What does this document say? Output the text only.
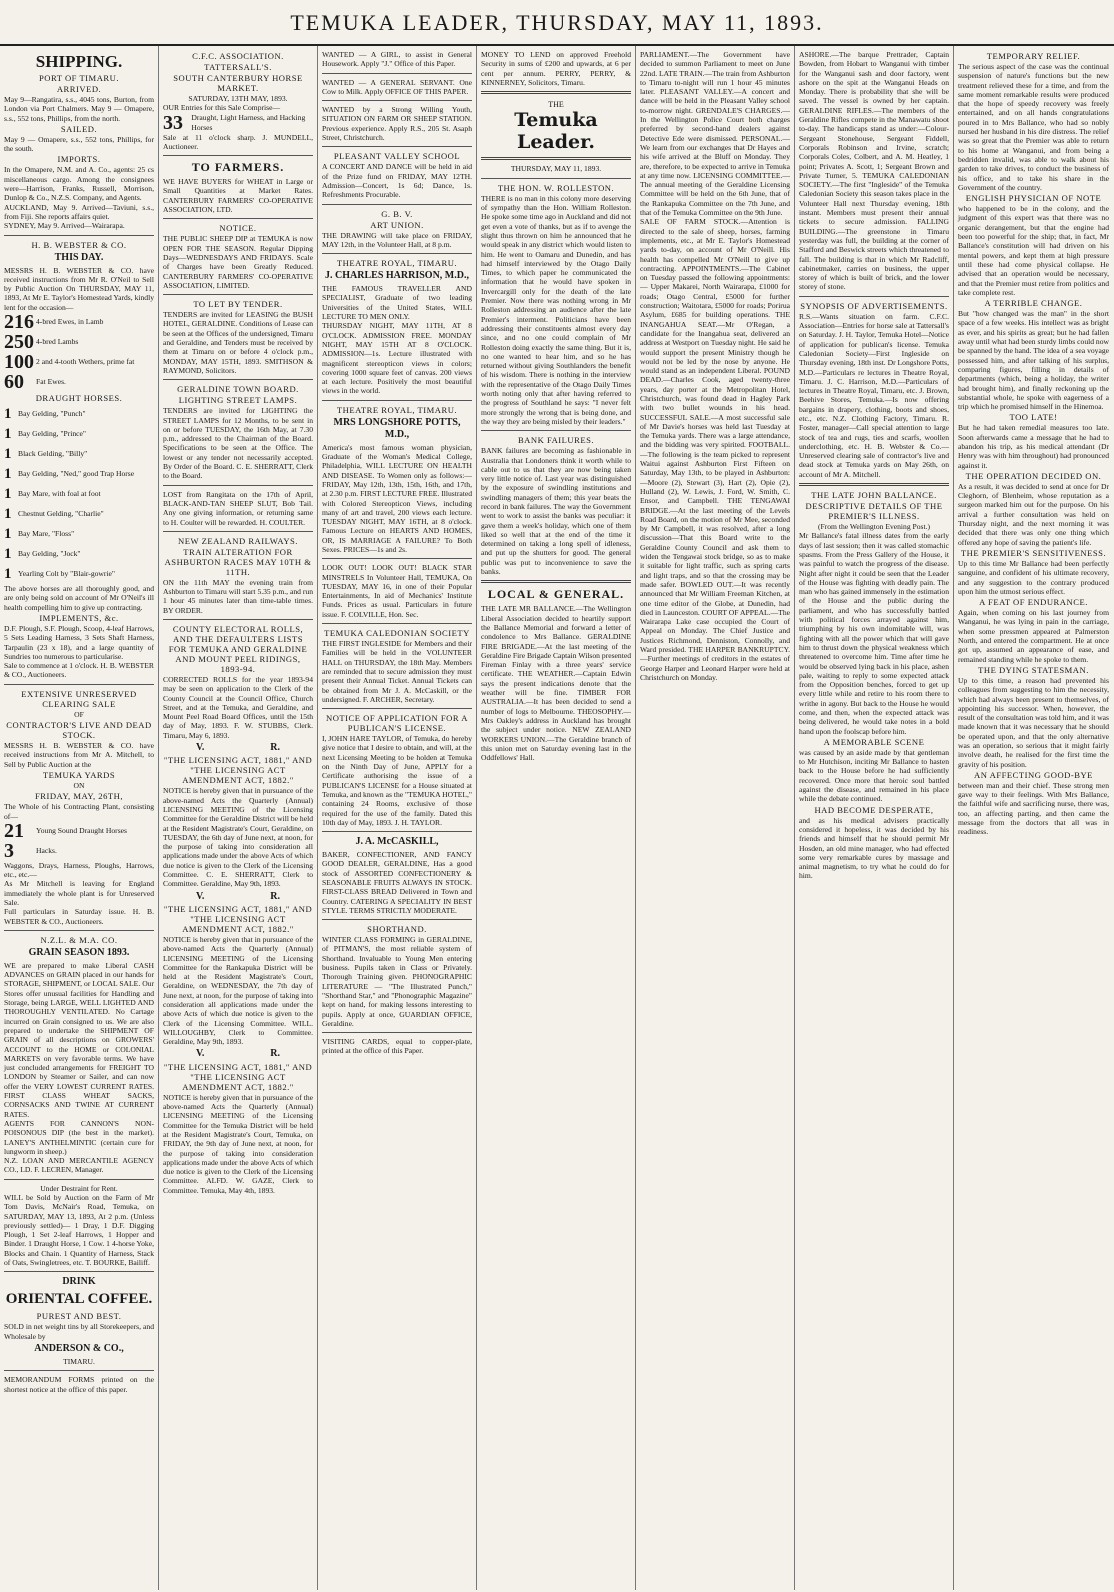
TEMUKA LEADER, THURSDAY, MAY 11, 1893.
SHIPPING.
PORT OF TIMARU.
ARRIVED.

May 9—Rangatira, s.s., 4045 tons, Burton, from London via Port Chalmers. May 9 — Omapere, s.s., 552 tons, Phillips, from the north.

SAILED.

May 9 — Omapere, s.s., 552 tons, Phillips, for the south.

IMPORTS.

In the Omapere, N.M. and A. Co., agents: 25 cs miscellaneous cargo. Among the consignees were—Harrison, Franks, Russell, Morrison, Dunlop & Co., N.Z.S. Company, and Agents.

AUCKLAND, May 9. Arrived—Taviuni, s.s., from Fiji. She reports affairs quiet.

SYDNEY, May 9. Arrived—Wairarapa.

H. B. WEBSTER & CO.
THIS DAY.

MESSRS H. B. WEBSTER & CO. have received instructions from Mr R. O'Neil to Sell by Public Auction On THURSDAY, MAY 11, 1893, At Mr E. Taylor's Homestead Yards, kindly lent for the occasion—

216 4-bred Ewes, in Lamb
250 4-bred Lambs
100 2 and 4-tooth Wethers, prime fat
60	Fat Ewes.
DRAUGHT HORSES.
1 Bay Gelding, "Punch"
1 Bay Gelding, "Prince"
1 Black Gelding, "Billy"
1 Bay Gelding, "Ned," good Trap Horse
1 Bay Mare, with foal at foot
1 Chestnut Gelding, "Charlie"
1 Bay Mare, "Floss"
1 Bay Gelding, "Jock"
1 Yearling Colt by "Blair-gowrie"

The above horses are all thoroughly good, and are only being sold on account of Mr O'Neil's ill health compelling him to give up contracting.

IMPLEMENTS, &c.

D.F. Plough, S.F. Plough, Scoop, 4-leaf Harrows, 5 Sets Leading Harness, 3 Sets Shaft Harness, Tarpaulin (23 x 18), and a large quantity of Sundries too numerous to particularise.

Sale to commence at 1 o'clock. H. B. WEBSTER & CO., Auctioneers.

EXTENSIVE UNRESERVED CLEARING SALE
OF
CONTRACTOR'S LIVE AND DEAD STOCK.

MESSRS H. B. WEBSTER & CO. have received instructions from Mr A. Mitchell, to Sell by Public Auction at the

TEMUKA YARDS
ON
FRIDAY, MAY, 26TH,

The Whole of his Contracting Plant, consisting of—

21	Young Sound Draught Horses
3	Hacks.

Waggons, Drays, Harness, Ploughs, Harrows, etc., etc.—

As Mr Mitchell is leaving for England immediately the whole plant is for Unreserved Sale.

Full particulars in Saturday issue. H. B. WEBSTER & CO., Auctioneers.

N.Z.L. & M.A. CO.
GRAIN SEASON 1893.

WE are prepared to make Liberal CASH ADVANCES on GRAIN placed in our hands for STORAGE, SHIPMENT, or LOCAL SALE. Our Stores offer unusual facilities for Handling and Storage, being LARGE, WELL LIGHTED AND THOROUGHLY VENTILATED. No Cartage incurred on Grain consigned to us. We are also prepared to undertake the SHIPMENT OF GRAIN of all descriptions on GROWERS' ACCOUNT to the HOME or COLONIAL MARKETS on very favorable terms. We have just concluded arrangements for FREIGHT TO LONDON by Steamer or Sailer, and can now offer the VERY LOWEST CURRENT RATES. FIRST CLASS WHEAT SACKS, CORNSACKS AND TWINE AT CURRENT RATES.

AGENTS FOR CANNON'S NON-POISONOUS DIP (the best in the market). LANEY'S ANTHELMINTIC (certain cure for lungworm in sheep.)

N.Z. LOAN AND MERCANTILE AGENCY CO., LD. F. LECREN, Manager.

Under Destraint for Rent.

WILL be Sold by Auction on the Farm of Mr Tom Davis, McNair's Road, Temuka, on SATURDAY, MAY 13, 1893, At 2 p.m. (Unless previously settled)— 1 Dray, 1 D.F. Digging Plough, 1 Set 2-leaf Harrows, 1 Hopper and Binder. 1 Draught Horse, 1 Cow. 1 4-horse Yoke, Blocks and Chain. 1 Quantity of Harness, Stack of Oats, Swingletrees, etc. T. BOURKE, Bailiff.

DRINK
ORIENTAL COFFEE.
PUREST AND BEST.

SOLD in net weight tins by all Storekeepers, and Wholesale by

ANDERSON & CO.,
TIMARU.

MEMORANDUM FORMS printed on the shortest notice at the office of this paper.

C.F.C. ASSOCIATION.
TATTERSALL'S.
SOUTH CANTERBURY HORSE MARKET.
SATURDAY, 13TH MAY, 1893.

OUR Entries for this Sale Comprise—

33	Draught, Light Harness, and Hacking Horses

Sale at 11 o'clock sharp. J. MUNDELL, Auctioneer.

TO FARMERS.

WE HAVE BUYERS for WHEAT in Large or Small Quantities at Market Rates. CANTERBURY FARMERS' CO-OPERATIVE ASSOCIATION, LTD.

NOTICE.

THE PUBLIC SHEEP DIP at TEMUKA is now OPEN FOR THE SEASON. Regular Dipping Days—WEDNESDAYS AND FRIDAYS. Scale of Charges have been Greatly Reduced. CANTERBURY FARMERS' CO-OPERATIVE ASSOCIATION, LIMITED.

TO LET BY TENDER.

TENDERS are invited for LEASING the BUSH HOTEL, GERALDINE. Conditions of Lease can be seen at the Offices of the undersigned, Timaru and Geraldine, and Tenders must be received by them at Timaru on or before 4 o'clock p.m., MONDAY, MAY 15TH, 1893. SMITHSON & RAYMOND, Solicitors.

GERALDINE TOWN BOARD.
LIGHTING STREET LAMPS.

TENDERS are invited for LIGHTING the STREET LAMPS for 12 Months, to be sent in on or before TUESDAY, the 16th May, at 7.30 p.m., addressed to the Chairman of the Board. Specifications to be seen at the Office. The lowest or any tender not necessarily accepted. By Order of the Board. C. E. SHERRATT, Clerk to the Board.

LOST from Rangitata on the 17th of April, BLACK-AND-TAN SHEEP SLUT, Bob Tail. Any one giving information, or returning same to H. Coulter will be rewarded. H. COULTER.

NEW ZEALAND RAILWAYS.
TRAIN ALTERATION FOR ASHBURTON RACES MAY 10TH & 11TH.

ON the 11th MAY the evening train from Ashburton to Timaru will start 5.35 p.m., and run 1 hour 45 minutes later than time-table times. BY ORDER.

COUNTY ELECTORAL ROLLS, AND THE DEFAULTERS LISTS FOR TEMUKA AND GERALDINE AND MOUNT PEEL RIDINGS, 1893-94.

CORRECTED ROLLS for the year 1893-94 may be seen on application to the Clerk of the County Council at the Council Office, Church Street, and at the Temuka, and Geraldine, and Mount Peel Road Board Offices, until the 15th day of May, 1893. F. W. STUBBS, Clerk. Timaru, May 6, 1893.

V.	R.
"THE LICENSING ACT, 1881," AND "THE LICENSING ACT AMENDMENT ACT, 1882."

NOTICE is hereby given that in pursuance of the above-named Acts the Quarterly (Annual) LICENSING MEETING of the Licensing Committee for the Geraldine District will be held at the Resident Magistrate's Court, Geraldine, on TUESDAY, the 6th day of June next, at noon, for the purpose of taking into consideration all applications made under the above Acts of which due notice is given to the Clerk of the Licensing Committee. C. E. SHERRATT, Clerk to Committee. Geraldine, May 9th, 1893.

V.	R.
"THE LICENSING ACT, 1881," AND "THE LICENSING ACT AMENDMENT ACT, 1882."

NOTICE is hereby given that in pursuance of the above-named Acts the Quarterly (Annual) LICENSING MEETING of the Licensing Committee for the Rankapuka District will be held at the Resident Magistrate's Court, Geraldine, on WEDNESDAY, the 7th day of June next, at noon, for the purpose of taking into consideration all applications made under the above Acts of which due notice is given to the Clerk of the Licensing Committee. WILL. WILLOUGHBY, Clerk to Committee. Geraldine, May 9th, 1893.

V.	R.
"THE LICENSING ACT, 1881," AND "THE LICENSING ACT AMENDMENT ACT, 1882."

NOTICE is hereby given that in pursuance of the above-named Acts the Quarterly (Annual) LICENSING MEETING of the Licensing Committee for the Temuka District will be held at the Resident Magistrate's Court, Temuka, on FRIDAY, the 9th day of June next, at noon, for the purpose of taking into consideration applications made under the above Acts of which due notice is given to the Clerk of the Licensing Committee. ALFD. W. GAZE, Clerk to Committee. Temuka, May 4th, 1893.

WANTED — A GIRL, to assist in General Housework. Apply "J." Office of this Paper.

WANTED — A GENERAL SERVANT. One Cow to Milk. Apply OFFICE OF THIS PAPER.

WANTED by a Strong Willing Youth, SITUATION ON FARM OR SHEEP STATION. Previous experience. Apply R.S., 205 St. Asaph Street, Christchurch.

PLEASANT VALLEY SCHOOL

A CONCERT AND DANCE will be held in aid of the Prize fund on FRIDAY, MAY 12TH. Admission—Concert, 1s 6d; Dance, 1s. Refreshments Procurable.

G. B. V.
ART UNION.

THE DRAWING will take place on FRIDAY, MAY 12th, in the Volunteer Hall, at 8 p.m.

THEATRE ROYAL, TIMARU.
J. CHARLES HARRISON, M.D.,

THE FAMOUS TRAVELLER AND SPECIALIST, Graduate of two leading Universities of the United States, WILL LECTURE TO MEN ONLY.

THURSDAY NIGHT, MAY 11TH, AT 8 O'CLOCK. ADMISSION FREE. MONDAY NIGHT, MAY 15TH AT 8 O'CLOCK. ADMISSION—1s. Lecture illustrated with magnificent stereopticon views in colors; covering 1000 square feet of canvas. 200 views at each lecture. Positively the most beautiful views in the world.

THEATRE ROYAL, TIMARU.
MRS LONGSHORE POTTS, M.D.,

America's most famous woman physician, Graduate of the Woman's Medical College, Philadelphia, WILL LECTURE ON HEALTH AND DISEASE. To Women only as follows:— FRIDAY, May 12th, 13th, 15th, 16th, and 17th, at 2.30 p.m. FIRST LECTURE FREE. Illustrated with Colored Stereopticon Views, including many of art and travel, 200 views each lecture. TUESDAY NIGHT, MAY 16TH, at 8 o'clock. Famous Lecture on HEARTS AND HOMES, OR, IS MARRIAGE A FAILURE? To Both Sexes. PRICES—1s and 2s.

LOOK OUT! LOOK OUT! BLACK STAR MINSTRELS In Volunteer Hall, TEMUKA, On TUESDAY, MAY 16, in one of their Popular Entertainments, In aid of Mechanics' Institute Funds. Prices as usual. Particulars in future issue. F. COLVILLE, Hon. Sec.

TEMUKA CALEDONIAN SOCIETY

THE FIRST INGLESIDE for Members and their Families will be held in the VOLUNTEER HALL on THURSDAY, the 18th May. Members are reminded that to secure admission they must present their Annual Ticket. Annual Tickets can be obtained from Mr J. A. McCaskill, or the undersigned. F. ARCHER, Secretary.

NOTICE OF APPLICATION FOR A PUBLICAN'S LICENSE.

I, JOHN HARE TAYLOR, of Temuka, do hereby give notice that I desire to obtain, and will, at the next Licensing Meeting to be holden at Temuka on the Ninth Day of June, APPLY for a Certificate authorising the issue of a PUBLICAN'S LICENSE for a House situated at Temuka, and known as the "TEMUKA HOTEL," containing 24 Rooms, exclusive of those required for the use of the family. Dated this 10th day of May, 1893. J. H. TAYLOR.

J. A. McCASKILL,

BAKER, CONFECTIONER, AND FANCY GOOD DEALER, GERALDINE, Has a good stock of ASSORTED CONFECTIONERY & SEASONABLE FRUITS ALWAYS IN STOCK. FIRST-CLASS BREAD Delivered in Town and Country. CATERING A SPECIALITY IN BEST STYLE. TERMS STRICTLY MODERATE.

SHORTHAND.

WINTER CLASS FORMING in GERALDINE, of PITMAN'S, the most reliable system of Shorthand. Invaluable to Young Men entering business. Pupils taken in Class or Privately. Thorough Training given. PHONOGRAPHIC LITERATURE — "The Illustrated Punch," "Shorthand Star," and "Phonographic Magazine" kept on hand, for making lessons interesting to pupils. Apply at once, GUARDIAN OFFICE, Geraldine.

VISITING CARDS, equal to copper-plate, printed at the office of this Paper.

MONEY TO LEND on approved Freehold Security in sums of £200 and upwards, at 6 per cent per annum. PERRY, PERRY, & KINNERNEY, Solicitors, Timaru.

THE
Temuka Leader.
THURSDAY, MAY 11, 1893.
THE HON. W. ROLLESTON.

THERE is no man in this colony more deserving of sympathy than the Hon. William Rolleston. He spoke some time ago in Auckland and did not get even a vote of thanks, but as if to avenge the slight thus thrown on him he announced that he would speak in any district which would listen to him. He went to Oamaru and Dunedin, and has had himself interviewed by the Otago Daily Times, to which paper he communicated the information that he would have spoken in Invercargill only for the death of the late Premier. Now there was nothing wrong in Mr Rolleston addressing an audience after the late Premier's interment. Politicians have been addressing their constituents almost every day since, and no one could complain of Mr Rolleston doing exactly the same thing. But it is, no one wanted to hear him, and so he has returned without giving Southlanders the benefit of his wisdom. There is nothing in the interview with the representative of the Otago Daily Times worth noting only that after having referred to the progress of Southland he says: "I never felt more strongly the wrong that is being done, and the way they are being misled by their leaders."

BANK FAILURES.

BANK failures are becoming as fashionable in Australia that Londoners think it worth while to cable out to us that they are now being taken very little notice of. Last year was distinguished by the exposure of swindling institutions and swindling managers of them; this year beats the record in bank failures. The way the Government went to work to assist the banks was peculiar: it gave them a week's holiday, which one of them liked so well that at the end of the time it determined on taking a long spell of idleness, and put up the shutters for good. The general public was put to inconvenience to save the banks.

LOCAL & GENERAL.

THE LATE MR BALLANCE.—The Wellington Liberal Association decided to heartily support the Ballance Memorial and forward a letter of condolence to Mrs Ballance. GERALDINE FIRE BRIGADE.—At the last meeting of the Geraldine Fire Brigade Captain Wilson presented Fireman Finlay with a three years' service certificate. THE WEATHER.—Captain Edwin says the present indications denote that the weather will be fine. TIMBER FOR AUSTRALIA.—It has been decided to send a number of logs to Melbourne. THEOSOPHY.—Mrs Oakley's address in Auckland has brought the subject under notice. NEW ZEALAND WORKERS UNION.—The Geraldine branch of this union met on Saturday evening last in the Oddfellows' Hall.

PARLIAMENT.—The Government have decided to summon Parliament to meet on June 22nd. LATE TRAIN.—The train from Ashburton to Timaru to-night will run 1 hour 45 minutes later. PLEASANT VALLEY.—A concert and dance will be held in the Pleasant Valley school to-morrow night. GRENDALE'S CHARGES.—In the Wellington Police Court both charges preferred by second-hand dealers against Detective Ede were dismissed. PERSONAL.—We learn from our exchanges that Dr Hayes and his wife arrived at the Bluff on Monday. They are, therefore, to be expected to arrive in Temuka at any time now. LICENSING COMMITTEE.—The annual meeting of the Geraldine Licensing Committee will be held on the 6th June, that of the Rankapuka Committee on the 7th June, and that of the Temuka Committee on the 9th June.

SALE OF FARM STOCK.—Attention is directed to the sale of sheep, horses, farming implements, etc., at Mr E. Taylor's Homestead yards to-day, on account of Mr O'Neill. His health has compelled Mr O'Neill to give up contracting. APPOINTMENTS.—The Cabinet on Tuesday passed the following appointments:— Upper Makarei, North Wairarapa, £1000 for roads; Otago Central, £5000 for further construction; Waitotara, £5000 for roads; Porirua Asylum, £685 for building operations. THE INANGAHUA SEAT.—Mr O'Regan, a candidate for the Inangahua seat, delivered an address at Westport on Tuesday night. He said he would support the present Ministry though he would not be led by the nose by anyone. He would stand as an independent Liberal. POUND DEAD.—Charles Cook, aged twenty-three years, day porter at the Metropolitan Hotel, Christchurch, was found dead in Hagley Park with two bullet wounds in his head. SUCCESSFUL SALE.—A most successful sale of Mr Davie's horses was held last Tuesday at the Temuka yards. There was a large attendance, and the bidding was very spirited. FOOTBALL.—The following is the team picked to represent Waitui against Ashburton First Fifteen on Saturday, May 13th, to be played in Ashburton:—Moore (2), Stewart (3), Hart (2), Opie (2), Hulland (2), W. Lewis, J. Ford, W. Smith, C. Ensor, and Campbell. THE TENGAWAI BRIDGE.—At the last meeting of the Levels Road Board, on the motion of Mr Mee, seconded by Mr Campbell, it was resolved, after a long discussion—That this Board write to the Geraldine County Council and ask them to widen the Tengawai stock bridge, so as to make it suitable for light traffic, such as spring carts and light traps, and so that the crossing may be made safer. BOWLED OUT.—It was recently announced that Mr William Freeman Kitchen, at one time editor of the Globe, at Dunedin, had died in Launceston. COURT OF APPEAL.—The Wairarapa Lake case occupied the Court of Appeal on Monday. The Chief Justice and Justices Richmond, Denniston, Connolly, and Ward presided. THE HARPER BANKRUPTCY.—Further meetings of creditors in the estates of George Harper and Leonard Harper were held at Christchurch on Monday.

ASHORE.—The barque Prettrader, Captain Bowden, from Hobart to Wanganui with timber for the Wanganui sash and door factory, went ashore on the spit at the Wanganui Heads on Monday. There is probability that she will be saved. The vessel is owned by her captain. GERALDINE RIFLES.—The members of the Geraldine Rifles compete in the Manawatu shoot to-day. The handicaps stand as under:—Colour-Sergeant Stonehouse, Sergeant Fiddell, Corporals Robinson and Irvine, scratch; Corporals Coles, Colbert, and A. M. Heatley, 1 point; Privates A. Scott, 1; Sergeant Brown and Private Turner, 5. TEMUKA CALEDONIAN SOCIETY.—The first "Ingleside" of the Temuka Caledonian Society this season takes place in the Volunteer Hall next Thursday evening, 18th instant. Members must present their annual tickets to secure admission. FALLING BUILDING.—The greenstone in Timaru yesterday was full, the building at the corner of Stafford and Beswick streets which threatened to fall. The building is that in which Mr Radcliff, cabinetmaker, carries on business, the upper storey of which is built of brick, and the lower storey of stone.

SYNOPSIS OF ADVERTISEMENTS.

R.S.—Wants situation on farm. C.F.C. Association—Entries for horse sale at Tattersall's on Saturday. J. H. Taylor, Temuka Hotel—Notice of application for publican's license. Temuka Caledonian Society—First Ingleside on Thursday evening, 18th inst. Dr Longshore Potts, M.D.—Particulars re lectures in Theatre Royal, Timaru. J. C. Harrison, M.D.—Particulars of lectures in Theatre Royal, Timaru, etc. J. Brown, Beehive Stores, Temuka.—Is now offering bargains in drapery, clothing, boots and shoes, etc., etc. N.Z. Clothing Factory, Timaru. R. Foster, manager—Call special attention to large stock of tea and rugs, ties and scarfs, woollen underclothing, etc. H. B. Webster & Co.—Unreserved clearing sale of contractor's live and dead stock at Temuka yards on May 26th, on account of Mr A. Mitchell.

THE LATE JOHN BALLANCE.
DESCRIPTIVE DETAILS OF THE PREMIER'S ILLNESS.
(From the Wellington Evening Post.)

Mr Ballance's fatal illness dates from the early days of last session; then it was called stomachic spasms. From the Press Gallery of the House, it was painful to watch the progress of the disease. Night after night it could be seen that the Leader of the House was fighting with deadly pain. The man who has gained immensely in the estimation of the House and the public during the parliament, and who has successfully battled with political forces arrayed against him, triumphing by his own indomitable will, was fighting with all the power which that will gave him to thrust down the physical weakness which threatened to overcome him. Time after time he would be observed lying back in his place, ashen pale, waiting to reply to some expected attack from the Opposition benches, forced to get up every little while and retire to his room there to writhe in agony. But back to the House he would come, and then, when the expected attack was being delivered, he would take notes in a bold hand upon the foolscap before him.

A MEMORABLE SCENE

was caused by an aside made by that gentleman to Mr Hutchison, inciting Mr Ballance to hasten back to the House before he had sufficiently recovered. Once more that heroic soul battled against the disease, and remained in his place while the debate continued.

HAD BECOME DESPERATE,

and as his medical advisers practically considered it hopeless, it was decided by his friends and himself that he should permit Mr Hosden, an old mine manager, who had effected some very remarkable cures by massage and animal magnetism, to try what he could do for him.

TEMPORARY RELIEF.

The serious aspect of the case was the continual suspension of nature's functions but the new treatment relieved these for a time, and from the same moment remarkable results were produced that the hope of speedy recovery was freely entertained, and on all hands congratulations poured in to Mrs Ballance, who had so nobly nursed her husband in his dire distress. The relief was so great that the Premier was able to return to his home at Wanganui, and from being a bedridden invalid, was able to walk about his garden to take drives, to conduct the business of his office, and to take his share in the Government of the country.

ENGLISH PHYSICIAN OF NOTE

who happened to be in the colony, and the judgment of this expert was that there was no organic derangement, but that the engine had been too powerful for the ship; that, in fact, Mr Ballance's constitution will had driven on his mental powers, and kept them at high pressure until these had come physical collapse. He advised that an operation would be necessary, and that the Premier must retire from politics and take complete rest.

A TERRIBLE CHANGE.

But "how changed was the man" in the short space of a few weeks. His intellect was as bright as ever, and his spirits as great; but he had fallen away until what had been sturdy limbs could now be spanned by the hand. The idea of a sea voyage possessed him, and after talking of his surplus, comparing figures, filling in details of departments (which, being a holiday, the writer had brought him), and finally reckoning up the substantial whole, he spoke with eagerness of a trip which he promised himself in the Hinemoa.

TOO LATE!

But he had taken remedial measures too late. Soon afterwards came a message that he had to abandon his trip, as his medical attendant (Dr Henry was with him throughout) had pronounced against it.

THE OPERATION DECIDED ON.

As a result, it was decided to send at once for Dr Cleghorn, of Blenheim, whose reputation as a surgeon marked him out for the purpose. On his arrival a further consultation was held on Thursday night, and the next morning it was decided that there was only one thing which offered any hope of saving the patient's life.

THE PREMIER'S SENSITIVENESS.

Up to this time Mr Ballance had been perfectly sanguine, and confident of his ultimate recovery, and any suggestion to the contrary produced upon him the utmost serious effect.

A FEAT OF ENDURANCE.

Again, when coming on his last journey from Wanganui, he was lying in pain in the carriage, when some pressmen appeared at Palmerston North, and entered the compartment. He at once got up, assumed an appearance of ease, and remained standing while he spoke to them.

THE DYING STATESMAN.

Up to this time, a reason had prevented his colleagues from suggesting to him the necessity, which had always been present to themselves, of appointing his successor. When, however, the result of the consultation was told him, and it was made known that it was necessary that he should be operated upon, and that the only alternative was an operation, so serious that it might fairly involve death, he realised for the first time the gravity of his position.

AN AFFECTING GOOD-BYE

between man and their chief. These strong men gave way to their feelings. With Mrs Ballance, the faithful wife and sacrificing nurse, there was, too, an affecting parting, and then came the message from the doctors that all was in readiness.
